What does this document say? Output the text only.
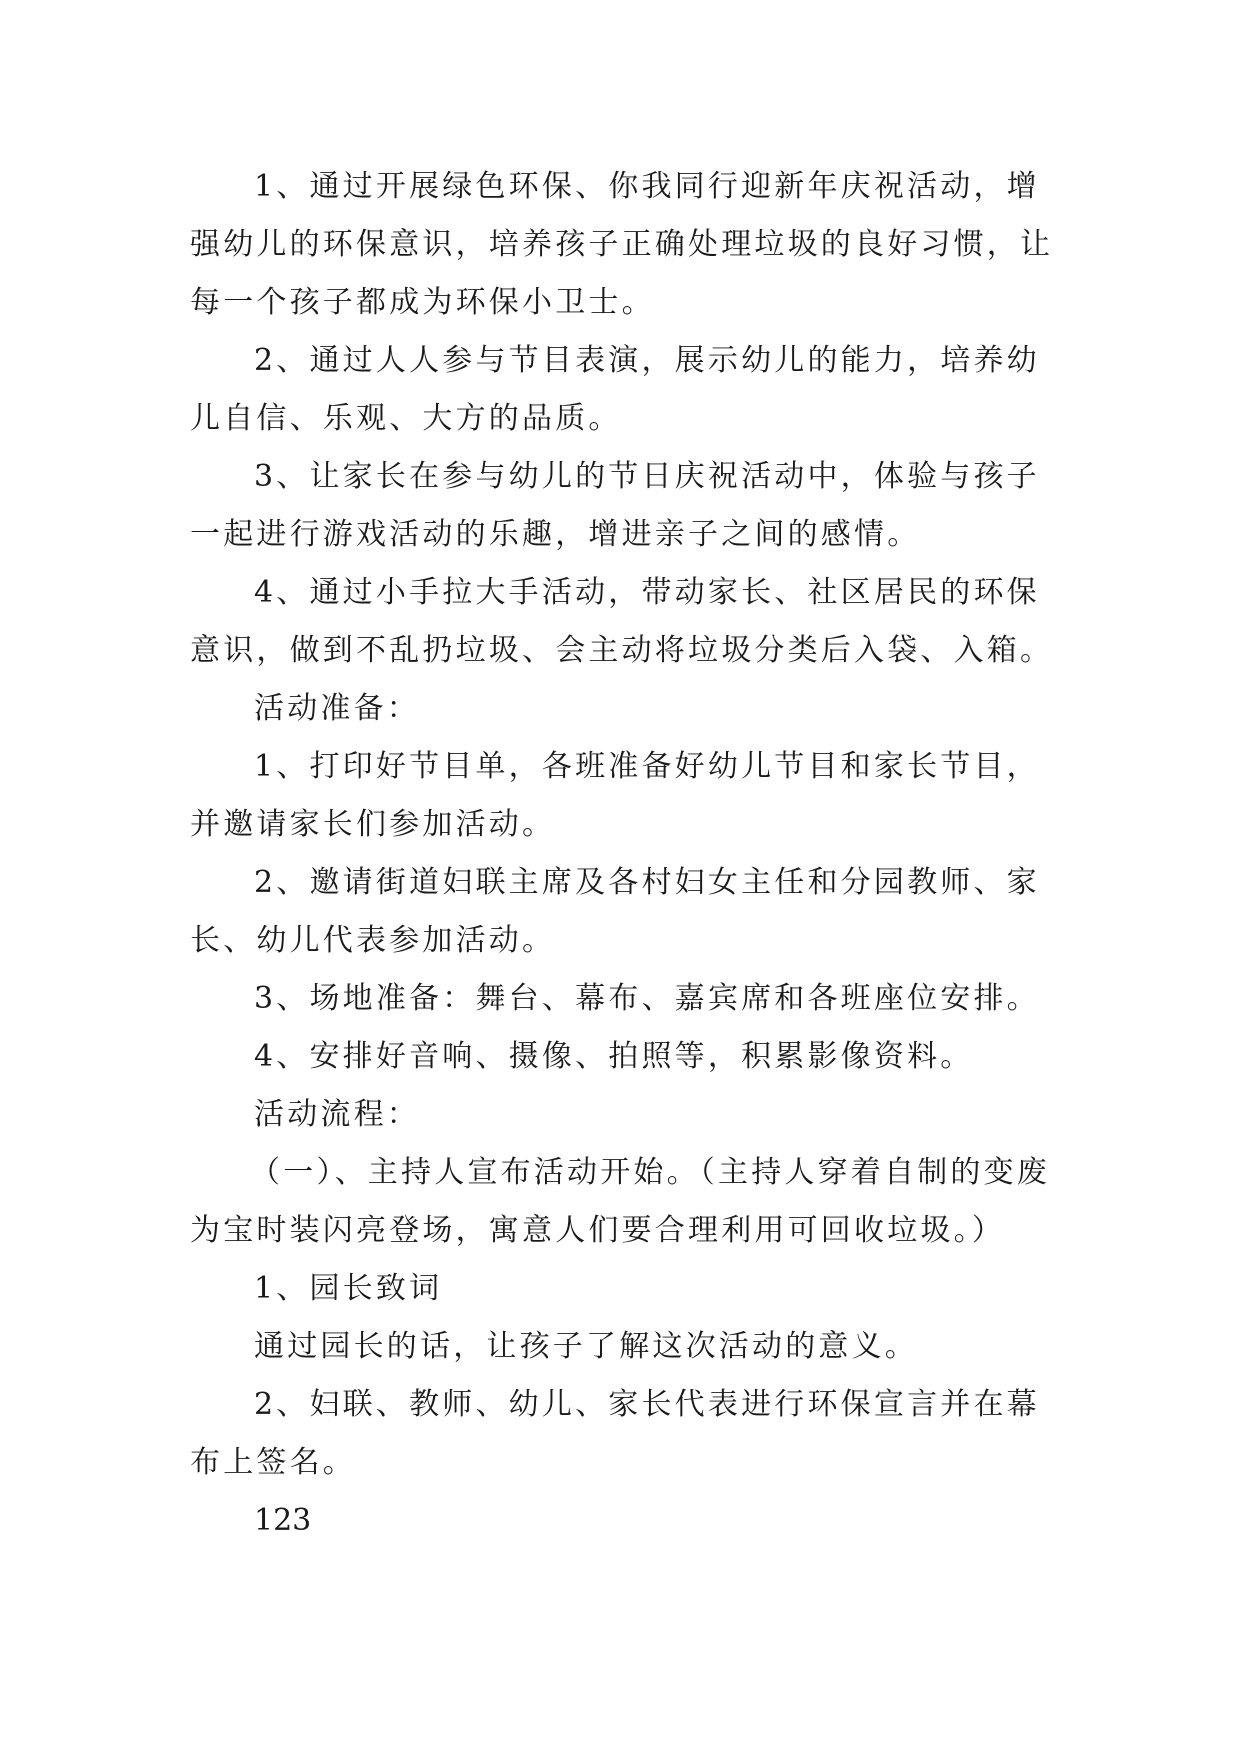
1、通过开展绿色环保、你我同行迎新年庆祝活动，增强幼儿的环保意识，培养孩子正确处理垃圾的良好习惯，让每一个孩子都成为环保小卫士。

2、通过人人参与节目表演，展示幼儿的能力，培养幼儿自信、乐观、大方的品质。

3、让家长在参与幼儿的节日庆祝活动中，体验与孩子一起进行游戏活动的乐趣，增进亲子之间的感情。

4、通过小手拉大手活动，带动家长、社区居民的环保意识，做到不乱扔垃圾、会主动将垃圾分类后入袋、入箱。

活动准备：

1、打印好节目单，各班准备好幼儿节目和家长节目，并邀请家长们参加活动。

2、邀请街道妇联主席及各村妇女主任和分园教师、家长、幼儿代表参加活动。

3、场地准备：舞台、幕布、嘉宾席和各班座位安排。

4、安排好音响、摄像、拍照等，积累影像资料。

活动流程：

（一）、主持人宣布活动开始。（主持人穿着自制的变废为宝时装闪亮登场，寓意人们要合理利用可回收垃圾。）

1、园长致词

通过园长的话，让孩子了解这次活动的意义。

2、妇联、教师、幼儿、家长代表进行环保宣言并在幕布上签名。

123
